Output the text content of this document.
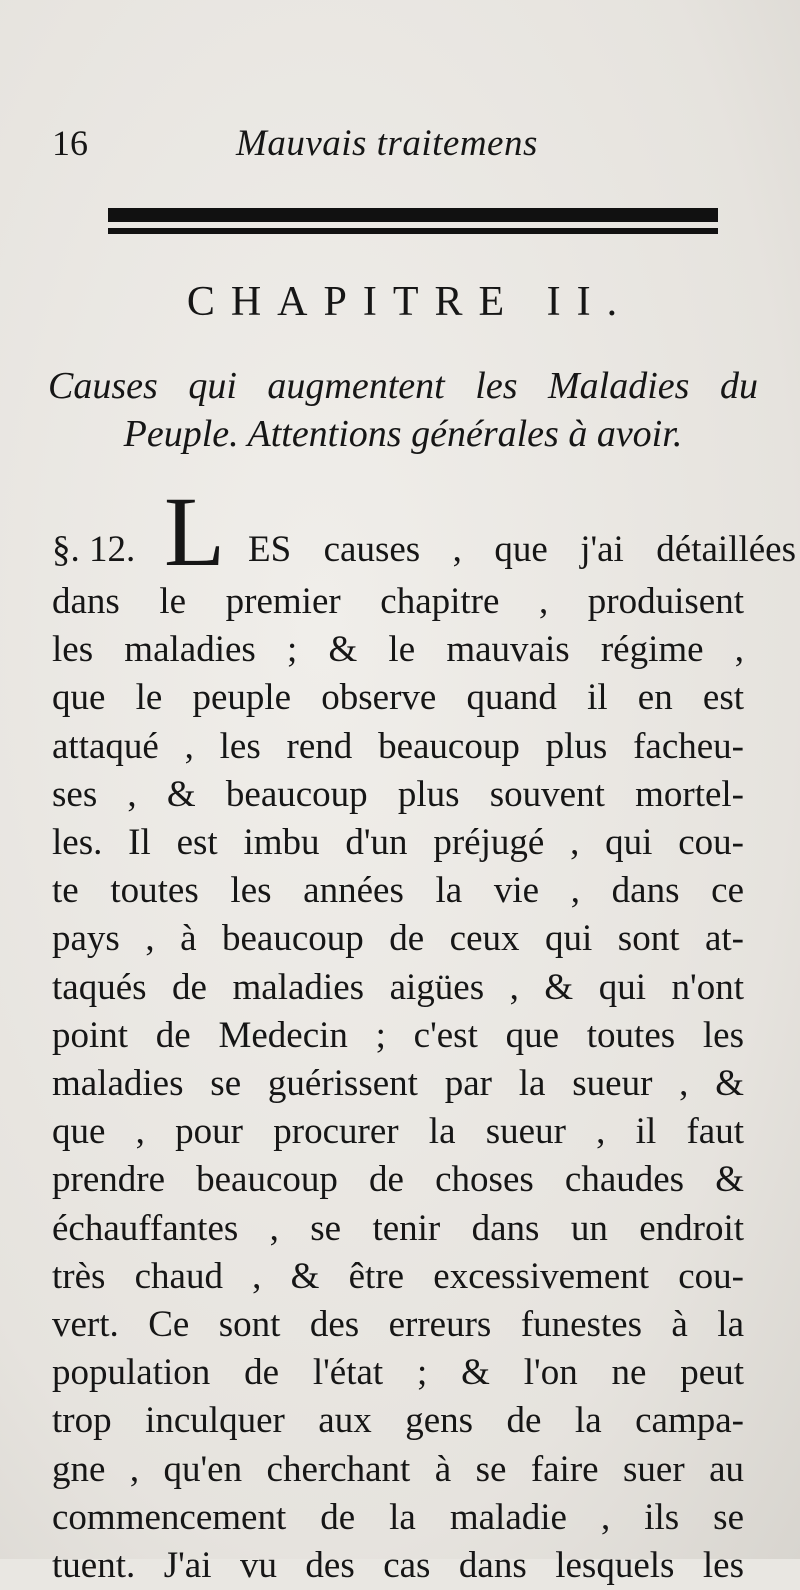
16	Mauvais traitemens
CHAPITRE II.
Causes qui augmentent les Maladies du Peuple. Attentions générales à avoir.
§. 12. L ES causes , que j'ai détaillées
dans le premier chapitre , produisent
les maladies ; & le mauvais régime ,
que le peuple observe quand il en est
attaqué , les rend beaucoup plus facheu-
ses , & beaucoup plus souvent mortel-
les. Il est imbu d'un préjugé , qui cou-
te toutes les années la vie , dans ce
pays , à beaucoup de ceux qui sont at-
taqués de maladies aigües , & qui n'ont
point de Medecin ; c'est que toutes les
maladies se guérissent par la sueur , &
que , pour procurer la sueur , il faut
prendre beaucoup de choses chaudes &
échauffantes , se tenir dans un endroit
très chaud , & être excessivement cou-
vert. Ce sont des erreurs funestes à la
population de l'état ; & l'on ne peut
trop inculquer aux gens de la campa-
gne , qu'en cherchant à se faire suer au
commencement de la maladie , ils se
tuent. J'ai vu des cas dans lesquels les
